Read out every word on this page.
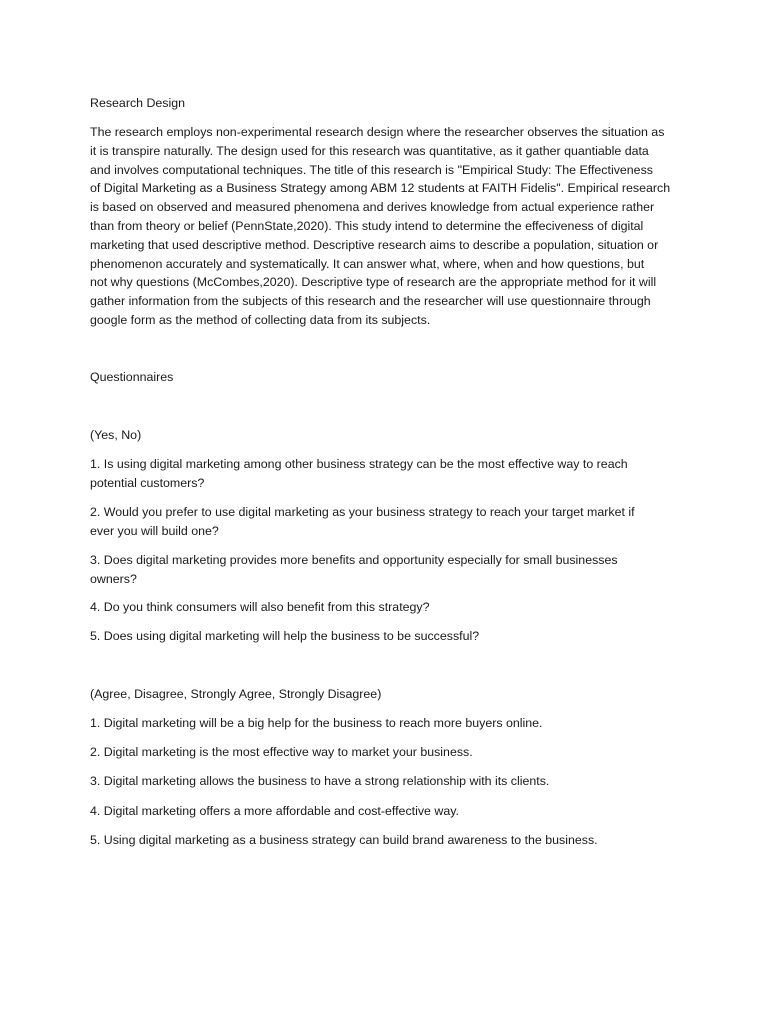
Research Design
The research employs non-experimental research design where the researcher observes the situation as
it is transpire naturally. The design used for this research was quantitative, as it gather quantiable data
and involves computational techniques. The title of this research is "Empirical Study: The Effectiveness
of Digital Marketing as a Business Strategy among ABM 12 students at FAITH Fidelis". Empirical research
is based on observed and measured phenomena and derives knowledge from actual experience rather
than from theory or belief (PennState,2020). This study intend to determine the effeciveness of digital
marketing that used descriptive method. Descriptive research aims to describe a population, situation or
phenomenon accurately and systematically. It can answer what, where, when and how questions, but
not why questions (McCombes,2020). Descriptive type of research are the appropriate method for it will
gather information from the subjects of this research and the researcher will use questionnaire through
google form as the method of collecting data from its subjects.
Questionnaires
(Yes, No)
1. Is using digital marketing among other business strategy can be the most effective way to reach
potential customers?
2. Would you prefer to use digital marketing as your business strategy to reach your target market if
ever you will build one?
3. Does digital marketing provides more benefits and opportunity especially for small businesses
owners?
4. Do you think consumers will also benefit from this strategy?
5. Does using digital marketing will help the business to be successful?
(Agree, Disagree, Strongly Agree, Strongly Disagree)
1. Digital marketing will be a big help for the business to reach more buyers online.
2. Digital marketing is the most effective way to market your business.
3. Digital marketing allows the business to have a strong relationship with its clients.
4. Digital marketing offers a more affordable and cost-effective way.
5. Using digital marketing as a business strategy can build brand awareness to the business.
